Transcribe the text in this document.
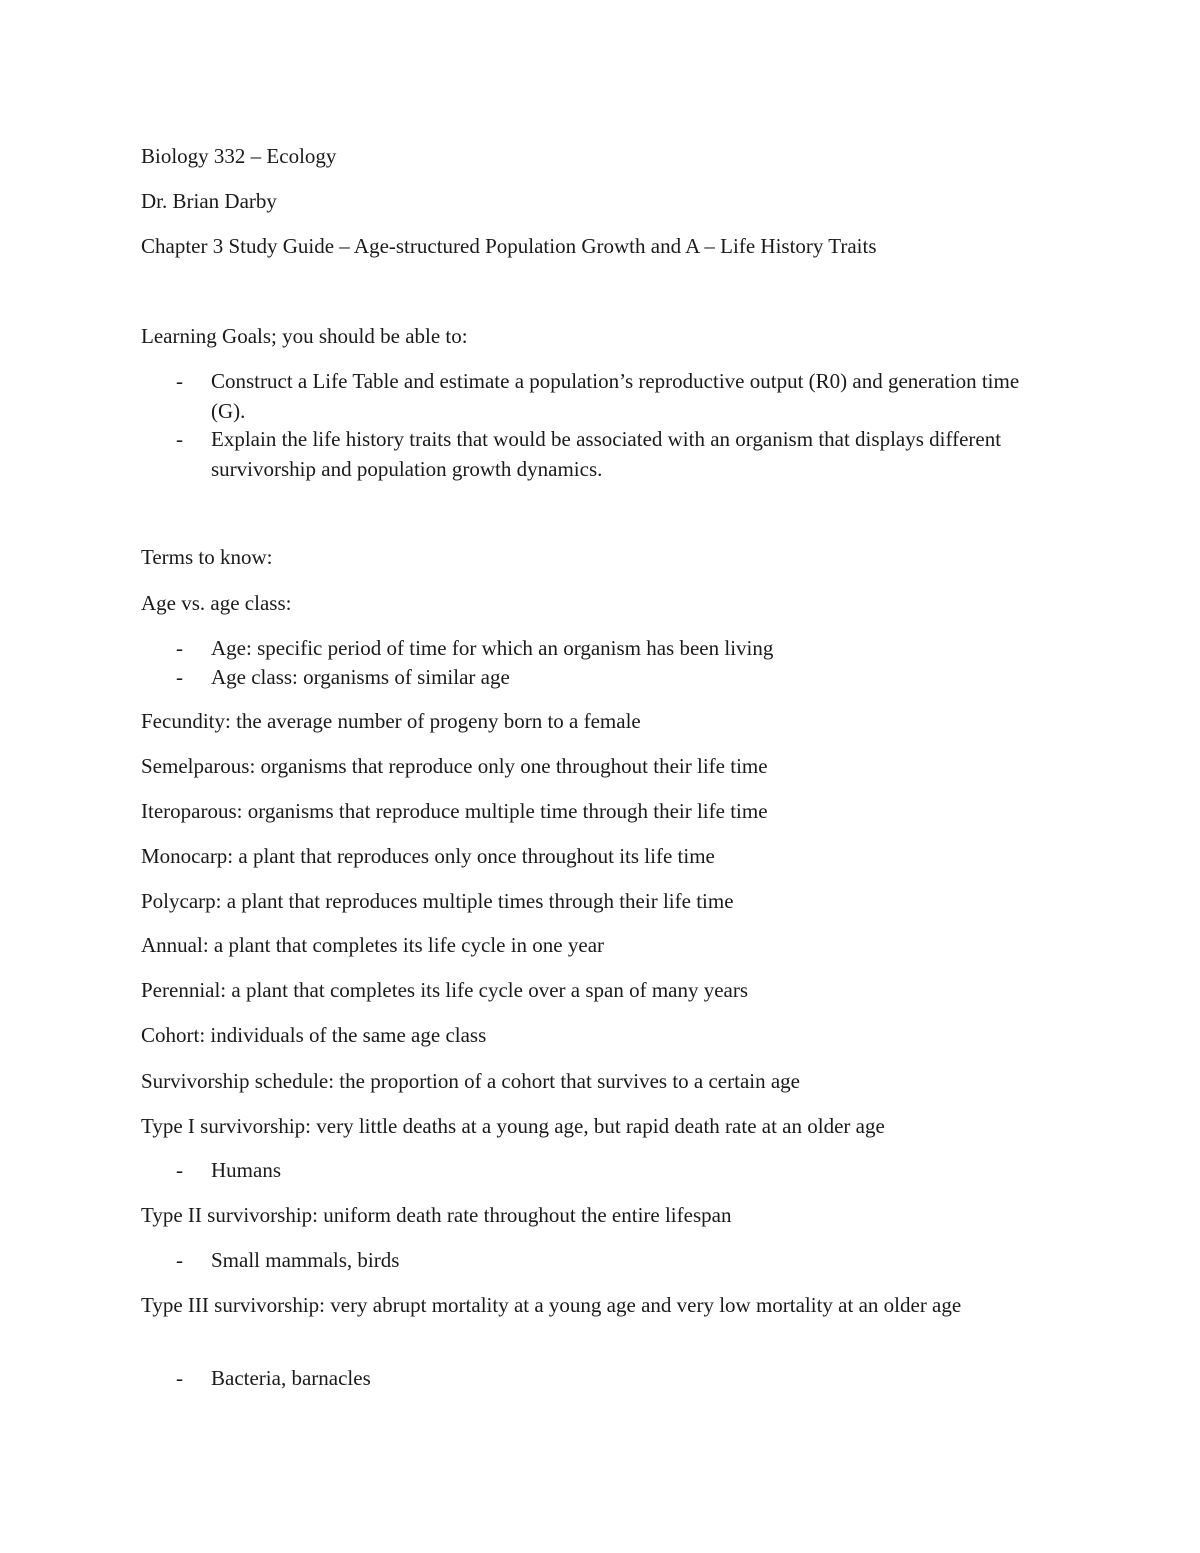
Biology 332 – Ecology
Dr. Brian Darby
Chapter 3 Study Guide – Age-structured Population Growth and A – Life History Traits
Learning Goals; you should be able to:
-	Construct a Life Table and estimate a population’s reproductive output (R0) and generation time (G).
-	Explain the life history traits that would be associated with an organism that displays different survivorship and population growth dynamics.
Terms to know:
Age vs. age class:
-	Age: specific period of time for which an organism has been living
-	Age class: organisms of similar age
Fecundity: the average number of progeny born to a female
Semelparous: organisms that reproduce only one throughout their life time
Iteroparous: organisms that reproduce multiple time through their life time
Monocarp: a plant that reproduces only once throughout its life time
Polycarp: a plant that reproduces multiple times through their life time
Annual: a plant that completes its life cycle in one year
Perennial: a plant that completes its life cycle over a span of many years
Cohort: individuals of the same age class
Survivorship schedule: the proportion of a cohort that survives to a certain age
Type I survivorship: very little deaths at a young age, but rapid death rate at an older age
-	Humans
Type II survivorship: uniform death rate throughout the entire lifespan
-	Small mammals, birds
Type III survivorship: very abrupt mortality at a young age and very low mortality at an older age
-	Bacteria, barnacles
